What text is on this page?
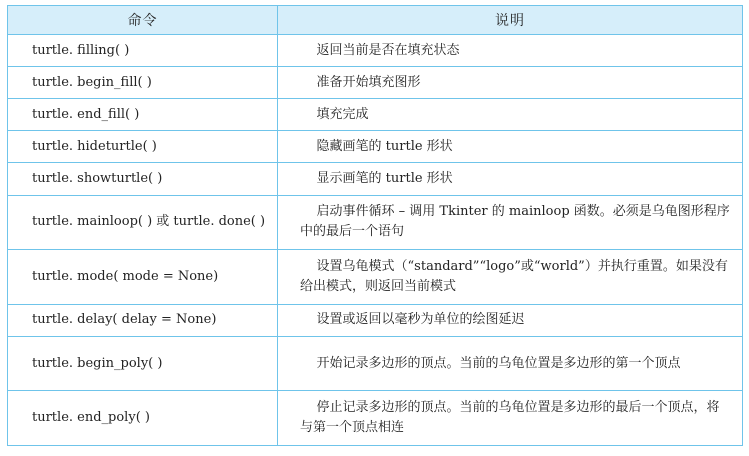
命令	说明
turtle. filling( )	返回当前是否在填充状态

turtle. begin_fill( )	准备开始填充图形

turtle. end_fill( )	填充完成

turtle. hideturtle( )	隐藏画笔的 turtle 形状

turtle. showturtle( )	显示画笔的 turtle 形状

turtle. mainloop( ) 或 turtle. done( )	启动事件循环 – 调用 Tkinter 的 mainloop 函数。必须是乌龟图形程序中的最后一个语句

turtle. mode( mode = None)	设置乌龟模式（“standard”“logo”或“world”）并执行重置。如果没有给出模式，则返回当前模式

turtle. delay( delay = None)	设置或返回以毫秒为单位的绘图延迟

turtle. begin_poly( )	开始记录多边形的顶点。当前的乌龟位置是多边形的第一个顶点

turtle. end_poly( )	停止记录多边形的顶点。当前的乌龟位置是多边形的最后一个顶点，将与第一个顶点相连
